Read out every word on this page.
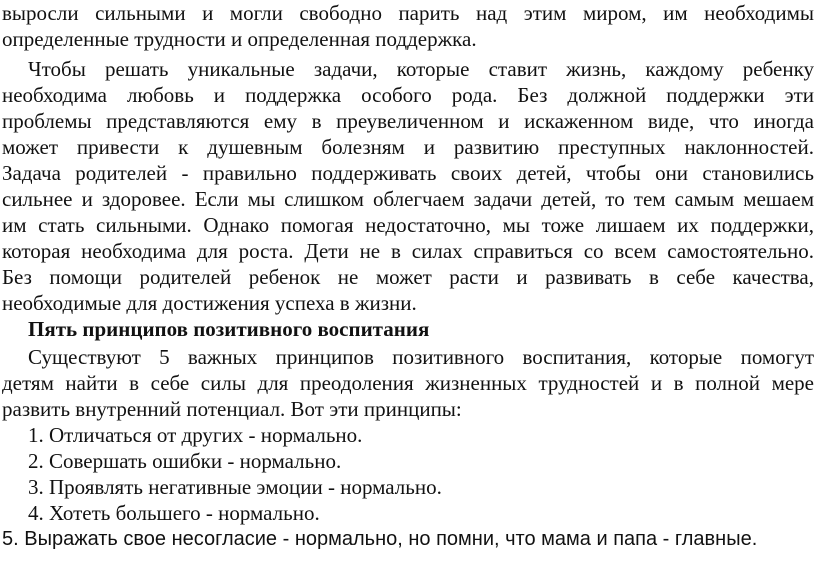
выросли сильными и могли свободно парить над этим миром, им необходимы
определенные трудности и определенная поддержка.
Чтобы решать уникальные задачи, которые ставит жизнь, каждому ребенку
необходима любовь и поддержка особого рода. Без должной поддержки эти
проблемы представляются ему в преувеличенном и искаженном виде, что иногда
может привести к душевным болезням и развитию преступных наклонностей.
Задача родителей - правильно поддерживать своих детей, чтобы они становились
сильнее и здоровее. Если мы слишком облегчаем задачи детей, то тем самым мешаем
им стать сильными. Однако помогая недостаточно, мы тоже лишаем их поддержки,
которая необходима для роста. Дети не в силах справиться со всем самостоятельно.
Без помощи родителей ребенок не может расти и развивать в себе качества,
необходимые для достижения успеха в жизни.
Пять принципов позитивного воспитания
Существуют 5 важных принципов позитивного воспитания, которые помогут
детям найти в себе силы для преодоления жизненных трудностей и в полной мере
развить внутренний потенциал. Вот эти принципы:
1. Отличаться от других - нормально.
2. Совершать ошибки - нормально.
3. Проявлять негативные эмоции - нормально.
4. Хотеть большего - нормально.
5. Выражать свое несогласие - нормально, но помни, что мама и папа - главные.
